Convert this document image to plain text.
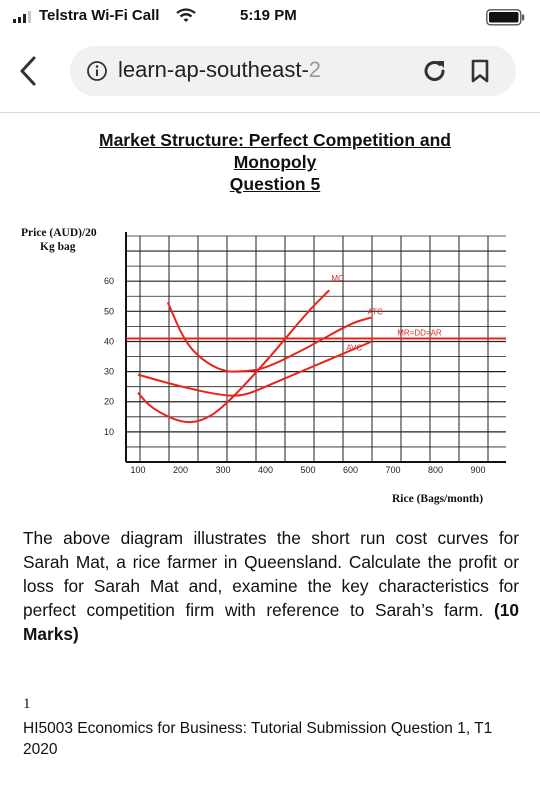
Telstra Wi-Fi Call	5:19 PM
learn-ap-southeast-2
Market Structure: Perfect Competition and
Monopoly
Question 5
10
20
30
40
50
60
100	200	300	400	500	600	700	800	900
MC
ATC
MR=DD=AR
AVC
Price (AUD)/20
Kg bag
Rice (Bags/month)
The above diagram illustrates the short run cost curves for Sarah Mat, a rice farmer in Queensland. Calculate the profit or loss for Sarah Mat and, examine the key characteristics for perfect competition firm with reference to Sarah’s farm. (10 Marks)
1
HI5003 Economics for Business: Tutorial Submission Question 1, T1 2020
